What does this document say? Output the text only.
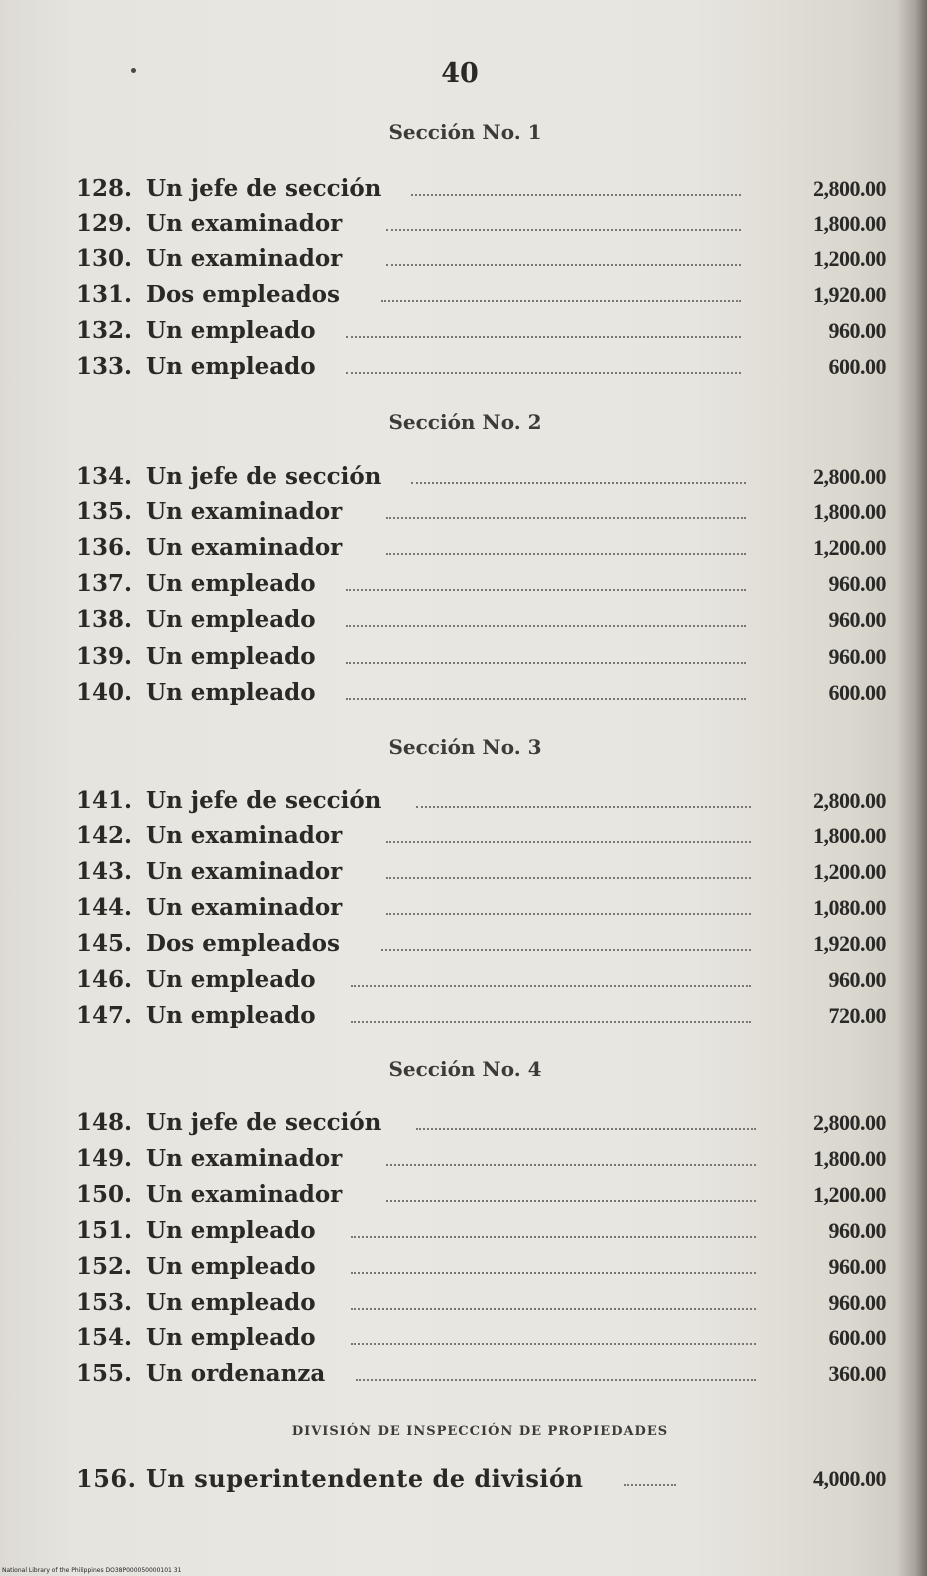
40
Sección No. 1
128. Un jefe de sección	2,800.00
129. Un examinador	1,800.00
130. Un examinador	1,200.00
131. Dos empleados	1,920.00
132. Un empleado	960.00
133. Un empleado	600.00
Sección No. 2
134. Un jefe de sección	2,800.00
135. Un examinador	1,800.00
136. Un examinador	1,200.00
137. Un empleado	960.00
138. Un empleado	960.00
139. Un empleado	960.00
140. Un empleado	600.00
Sección No. 3
141. Un jefe de sección	2,800.00
142. Un examinador	1,800.00
143. Un examinador	1,200.00
144. Un examinador	1,080.00
145. Dos empleados	1,920.00
146. Un empleado	960.00
147. Un empleado	720.00
Sección No. 4
148. Un jefe de sección	2,800.00
149. Un examinador	1,800.00
150. Un examinador	1,200.00
151. Un empleado	960.00
152. Un empleado	960.00
153. Un empleado	960.00
154. Un empleado	600.00
155. Un ordenanza	360.00
DIVISIÓN DE INSPECCIÓN DE PROPIEDADES
156. Un superintendente de división	4,000.00
National Library of the Philippines DO38P000050000101 31
